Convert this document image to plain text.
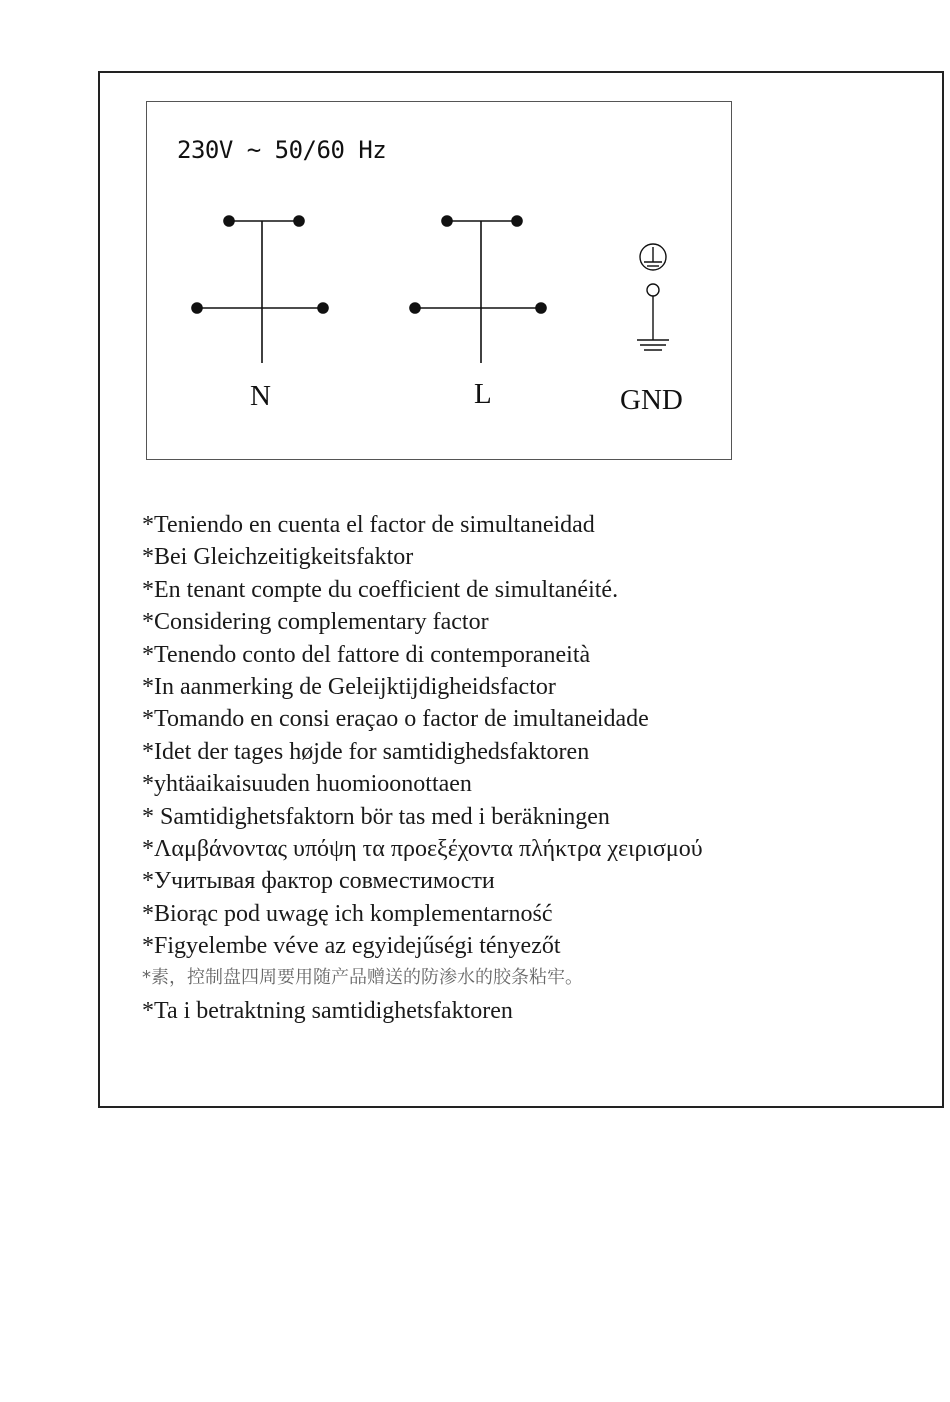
230V ~ 50/60 Hz
N	L	GND
*Teniendo en cuenta el factor de simultaneidad
*Bei Gleichzeitigkeitsfaktor
*En tenant compte du coefficient de simultanéité.
*Considering complementary factor
*Tenendo conto del fattore di contemporaneità
*In aanmerking de Geleijktijdigheidsfactor
*Tomando en consi eraçao o factor de imultaneidade
*Idet der tages højde for samtidighedsfaktoren
*yhtäaikaisuuden huomioonottaen
* Samtidighetsfaktorn bör tas med i beräkningen
*Λαμβάνοντας υπόψη τα προεξέχοντα πλήκτρα χειρισμού
*Учитывая фактор совместимости
*Biorąc pod uwagę ich komplementarność
*Figyelembe véve az egyidejűségi tényezőt
*素，控制盘四周要用随产品赠送的防渗水的胶条粘牢。
*Ta i betraktning samtidighetsfaktoren
